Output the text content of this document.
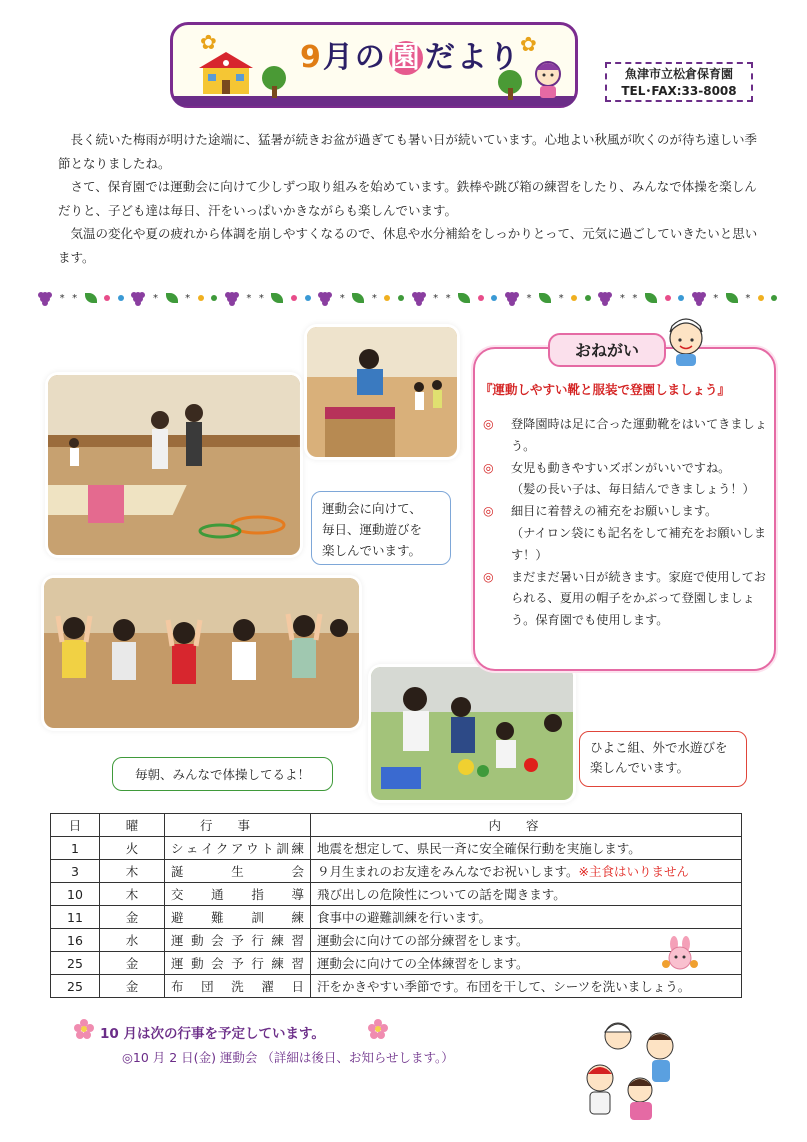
✿	✿
9月の 園 だより	魚津市立松倉保育園
TEL･FAX:33-8008

長く続いた梅雨が明けた途端に、猛暑が続きお盆が過ぎても暑い日が続いています。心地よい秋風が吹くのが待ち遠しい季節となりましたね。

さて、保育園では運動会に向けて少しずつ取り組みを始めています。鉄棒や跳び箱の練習をしたり、みんなで体操を楽しんだりと、子ども達は毎日、汗をいっぱいかきながらも楽しんでいます。

気温の変化や夏の疲れから体調を崩しやすくなるので、休息や水分補給をしっかりとって、元気に過ごしていきたいと思います。

* *	*	*	* *	*	*	* *	*	*	* *	*	*
運動会に向けて、
毎日、運動遊びを
楽しんでいます。
毎朝、みんなで体操してるよ！
ひよこ組、外で水遊びを
楽しんでいます。
おねがい
『運動しやすい靴と服装で登園しましょう』
◎	登降園時は足に合った運動靴をはいてきましょう。
◎	女児も動きやすいズボンがいいですね。
（髪の長い子は、毎日結んできましょう！）
◎	細目に着替えの補充をお願いします。
（ナイロン袋にも記名をして補充をお願いします！）
◎	まだまだ暑い日が続きます。家庭で使用しておられる、夏用の帽子をかぶって登園しましょう。保育園でも使用します。
日	曜	行事	内容
1	火	シェイクアウト訓練	地震を想定して、県民一斉に安全確保行動を実施します。
3	木	誕生会	９月生まれのお友達をみんなでお祝いします。※主食はいりません
10	木	交通指導	飛び出しの危険性についての話を聞きます。
11	金	避難訓練	食事中の避難訓練を行います。
16	水	運動会予行練習	運動会に向けての部分練習をします。
25	金	運動会予行練習	運動会に向けての全体練習をします。
25	金	布団洗濯日	汗をかきやすい季節です。布団を干して、シーツを洗いましょう。
10 月は次の行事を予定しています。
◎10 月 2 日(金) 運動会 （詳細は後日、お知らせします。）
